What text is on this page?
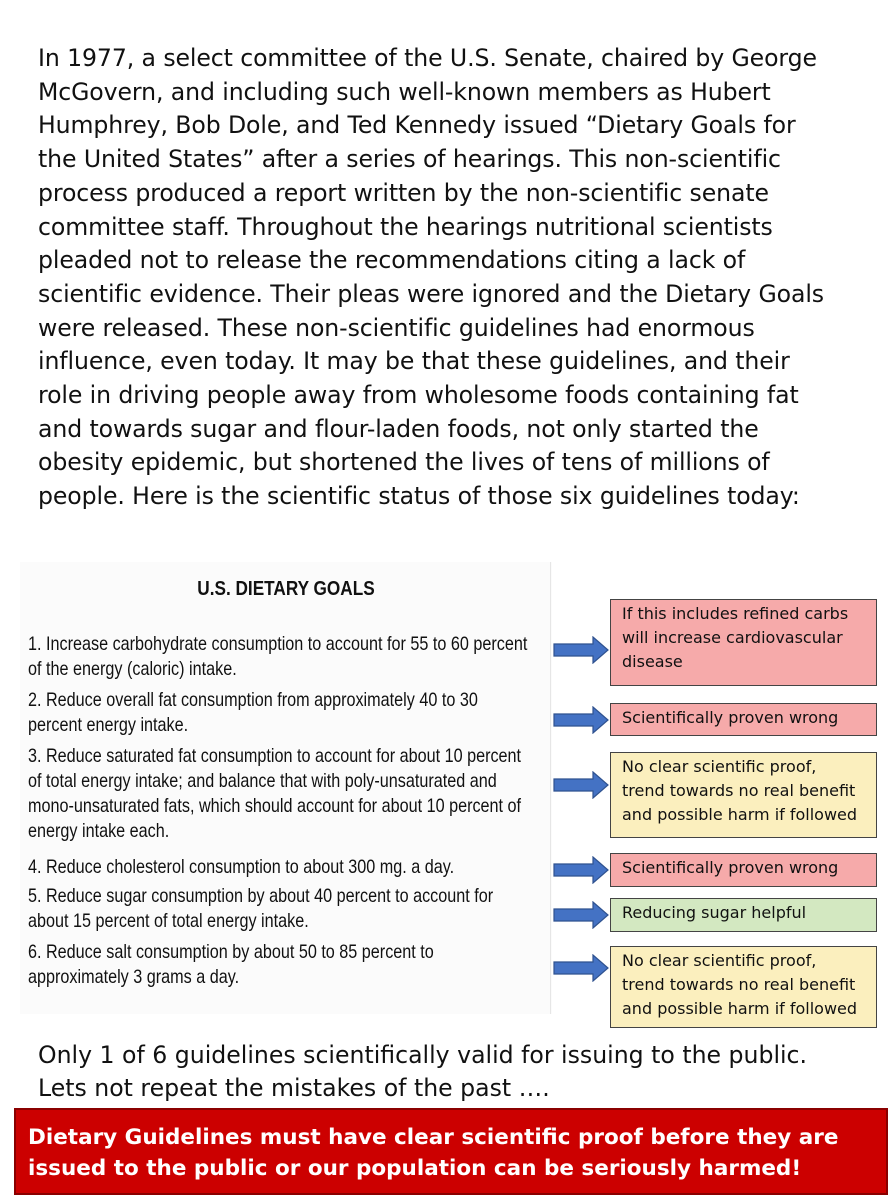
In 1977, a select committee of the U.S. Senate, chaired by George
McGovern, and including such well-known members as Hubert
Humphrey, Bob Dole, and Ted Kennedy issued “Dietary Goals for
the United States” after a series of hearings. This non-scientific
process produced a report written by the non-scientific senate
committee staff. Throughout the hearings nutritional scientists
pleaded not to release the recommendations citing a lack of
scientific evidence. Their pleas were ignored and the Dietary Goals
were released. These non-scientific guidelines had enormous
influence, even today. It may be that these guidelines, and their
role in driving people away from wholesome foods containing fat
and towards sugar and flour-laden foods, not only started the
obesity epidemic, but shortened the lives of tens of millions of
people. Here is the scientific status of those six guidelines today:

U.S. DIETARY GOALS
1. Increase carbohydrate consumption to account for 55 to 60 percent
of the energy (caloric) intake.
2. Reduce overall fat consumption from approximately 40 to 30
percent energy intake.
3. Reduce saturated fat consumption to account for about 10 percent
of total energy intake; and balance that with poly-unsaturated and
mono-unsaturated fats, which should account for about 10 percent of
energy intake each.
4. Reduce cholesterol consumption to about 300 mg. a day.
5. Reduce sugar consumption by about 40 percent to account for
about 15 percent of total energy intake.
6. Reduce salt consumption by about 50 to 85 percent to
approximately 3 grams a day.
If this includes refined carbs
will increase cardiovascular
disease
Scientifically proven wrong
No clear scientific proof,
trend towards no real benefit
and possible harm if followed
Scientifically proven wrong
Reducing sugar helpful
No clear scientific proof,
trend towards no real benefit
and possible harm if followed

Only 1 of 6 guidelines scientifically valid for issuing to the public.
Lets not repeat the mistakes of the past ….

Dietary Guidelines must have clear scientific proof before they are
issued to the public or our population can be seriously harmed!
